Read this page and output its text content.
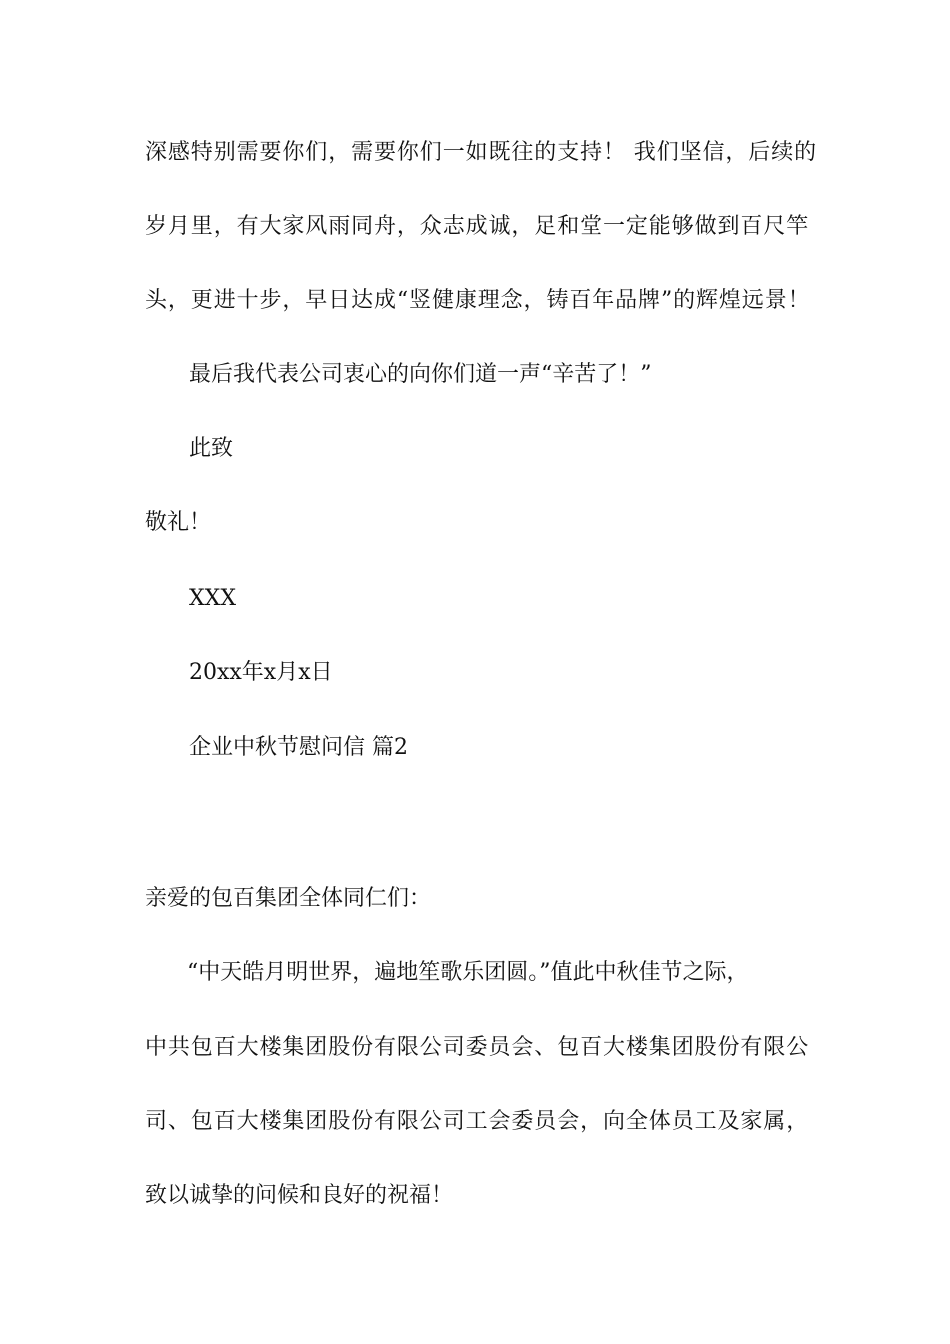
深感特别需要你们，需要你们一如既往的支持！ 我们坚信，后续的
岁月里，有大家风雨同舟，众志成诚，足和堂一定能够做到百尺竿
头，更进十步，早日达成“竖健康理念，铸百年品牌”的辉煌远景！
最后我代表公司衷心的向你们道一声“辛苦了！”
此致
敬礼！
XXX
20xx年x月x日
企业中秋节慰问信 篇2
亲爱的包百集团全体同仁们：
“中天皓月明世界，遍地笙歌乐团圆。”值此中秋佳节之际，
中共包百大楼集团股份有限公司委员会、包百大楼集团股份有限公
司、包百大楼集团股份有限公司工会委员会，向全体员工及家属，
致以诚挚的问候和良好的祝福！
